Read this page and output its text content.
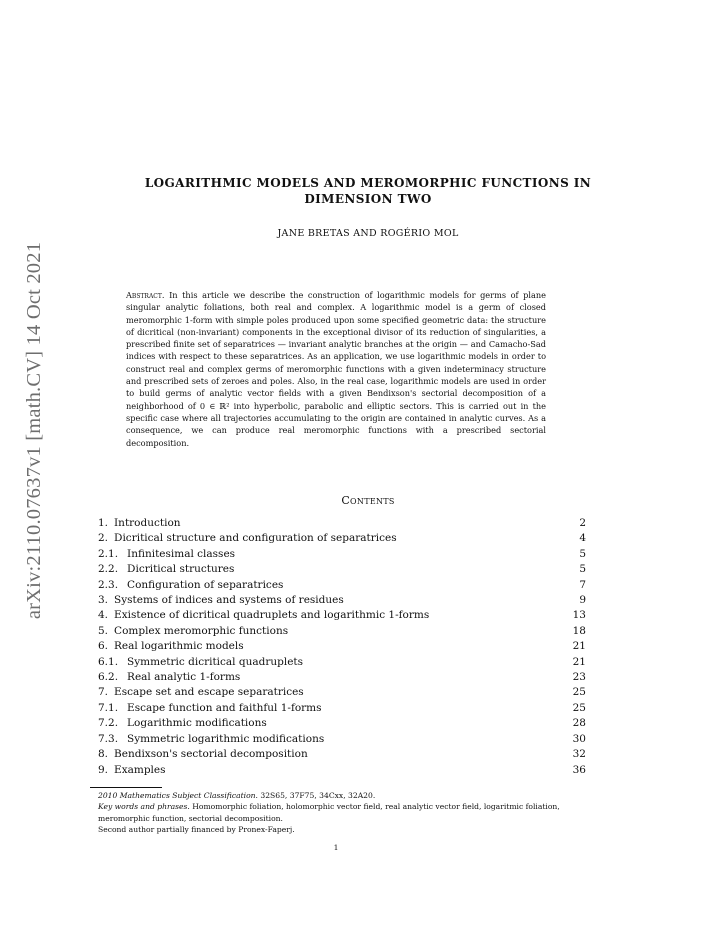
arXiv:2110.07637v1 [math.CV] 14 Oct 2021
LOGARITHMIC MODELS AND MEROMORPHIC FUNCTIONS IN
DIMENSION TWO
JANE BRETAS AND ROGÉRIO MOL

Abstract. In this article we describe the construction of logarithmic models for germs of plane singular analytic foliations, both real and complex. A logarithmic model is a germ of closed meromorphic 1-form with simple poles produced upon some specified geometric data: the structure of dicritical (non-invariant) components in the exceptional divisor of its reduction of singularities, a prescribed finite set of separatrices — invariant analytic branches at the origin — and Camacho-Sad indices with respect to these separatrices. As an application, we use logarithmic models in order to construct real and complex germs of meromorphic functions with a given indeterminacy structure and prescribed sets of zeroes and poles. Also, in the real case, logarithmic models are used in order to build germs of analytic vector fields with a given Bendixson's sectorial decomposition of a neighborhood of 0 ∈ ℝ² into hyperbolic, parabolic and elliptic sectors. This is carried out in the specific case where all trajectories accumulating to the origin are contained in analytic curves. As a consequence, we can produce real meromorphic functions with a prescribed sectorial decomposition.

Contents
1. Introduction	2
2. Dicritical structure and configuration of separatrices	4
2.1. Infinitesimal classes	5
2.2. Dicritical structures	5
2.3. Configuration of separatrices	7
3. Systems of indices and systems of residues	9
4. Existence of dicritical quadruplets and logarithmic 1-forms	13
5. Complex meromorphic functions	18
6. Real logarithmic models	21
6.1. Symmetric dicritical quadruplets	21
6.2. Real analytic 1-forms	23
7. Escape set and escape separatrices	25
7.1. Escape function and faithful 1-forms	25
7.2. Logarithmic modifications	28
7.3. Symmetric logarithmic modifications	30
8. Bendixson's sectorial decomposition	32
9. Examples	36

2010 Mathematics Subject Classification. 32S65, 37F75, 34Cxx, 32A20.

Key words and phrases. Homomorphic foliation, holomorphic vector field, real analytic vector field, logaritmic foliation, meromorphic function, sectorial decomposition.

Second author partially financed by Pronex-Faperj.

1
